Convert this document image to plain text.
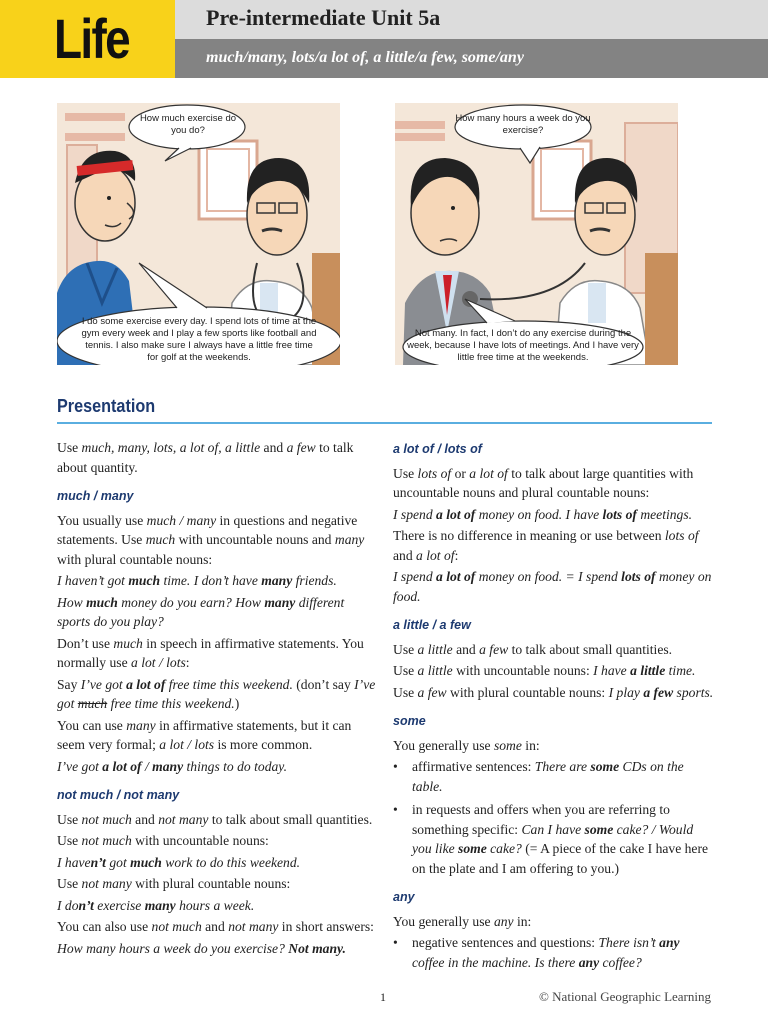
Life	Pre-intermediate Unit 5a
much/many, lots/a lot of, a little/a few, some/any
How much exercise do you do?
I do some exercise every day. I spend lots of time at the gym every week and I play a few sports like football and tennis. I also make sure I always have a little free time for golf at the weekends.
How many hours a week do you exercise?
Not many. In fact, I don’t do any exercise during the week, because I have lots of meetings. And I have very little free time at the weekends.
Presentation

Use much, many, lots, a lot of, a little and a few to talk about quantity.

much / many

You usually use much / many in questions and negative statements. Use much with uncountable nouns and many with plural countable nouns:

I haven’t got much time. I don’t have many friends.

How much money do you earn? How many different sports do you play?

Don’t use much in speech in affirmative statements. You normally use a lot / lots:

Say I’ve got a lot of free time this weekend. (don’t say I’ve got much free time this weekend.)

You can use many in affirmative statements, but it can seem very formal; a lot / lots is more common.

I’ve got a lot of / many things to do today.

not much / not many

Use not much and not many to talk about small quantities.

Use not much with uncountable nouns:

I haven’t got much work to do this weekend.

Use not many with plural countable nouns:

I don’t exercise many hours a week.

You can also use not much and not many in short answers:

How many hours a week do you exercise? Not many.

a lot of / lots of

Use lots of or a lot of to talk about large quantities with uncountable nouns and plural countable nouns:

I spend a lot of money on food. I have lots of meetings.

There is no difference in meaning or use between lots of and a lot of:

I spend a lot of money on food. = I spend lots of money on food.

a little / a few

Use a little and a few to talk about small quantities.

Use a little with uncountable nouns: I have a little time.

Use a few with plural countable nouns: I play a few sports.

some

You generally use some in:

• affirmative sentences: There are some CDs on the table.
• in requests and offers when you are referring to something specific: Can I have some cake? / Would you like some cake? (= A piece of the cake I have here on the plate and I am offering to you.)
any

You generally use any in:

• negative sentences and questions: There isn’t any coffee in the machine. Is there any coffee?
1	© National Geographic Learning
